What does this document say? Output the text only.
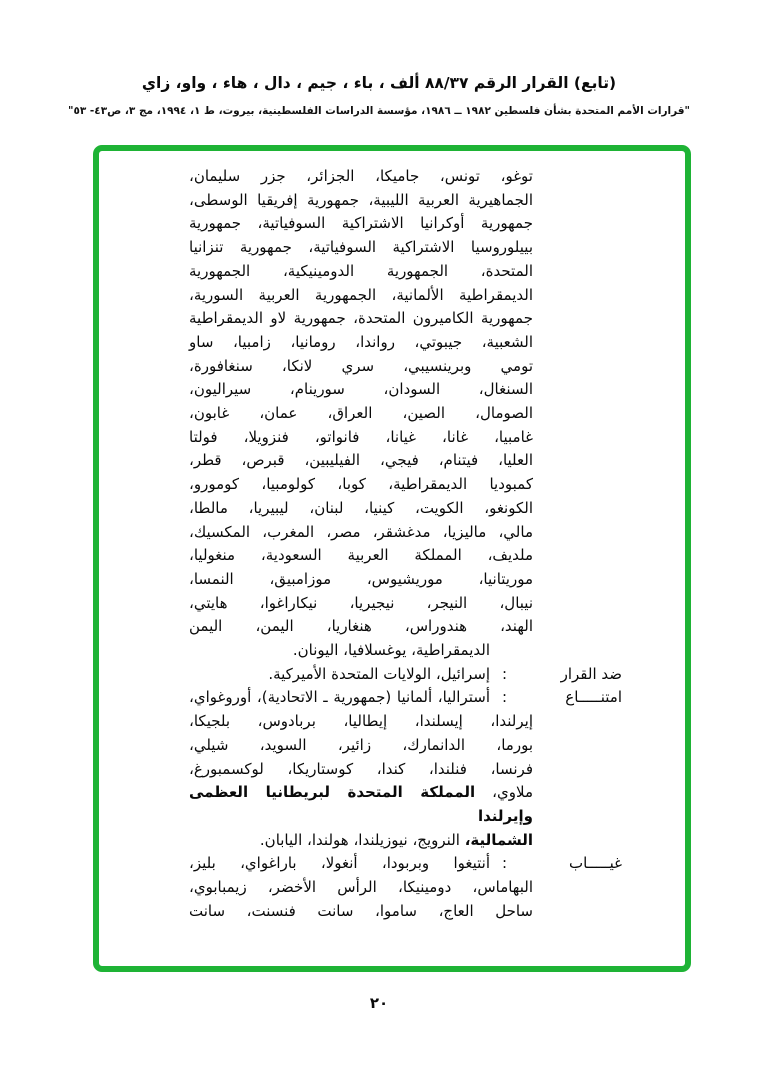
(تابع) القرار الرقم ٨٨/٣٧ ألف ، باء ، جيم ، دال ، هاء ، واو، زاي
"قرارات الأمم المتحدة بشأن فلسطين ١٩٨٢ ــ ١٩٨٦، مؤسسة الدراسات الفلسطينية، بيروت، ط ١، ١٩٩٤، مج ٣، ص٤٣- ٥٣"
توغو، تونس، جاميكا، الجزائر، جزر سليمان،
الجماهيرية العربية الليبية، جمهورية إفريقيا الوسطى،
جمهورية أوكرانيا الاشتراكية السوفياتية، جمهورية
بييلوروسيا الاشتراكية السوفياتية، جمهورية تنزانيا
المتحدة، الجمهورية الدومينيكية، الجمهورية
الديمقراطية الألمانية، الجمهورية العربية السورية،
جمهورية الكاميرون المتحدة، جمهورية لاو الديمقراطية
الشعبية، جيبوتي، رواندا، رومانيا، زامبيا، ساو
تومي وبرينسيبي، سري لانكا، سنغافورة،
السنغال، السودان، سورينام، سيراليون،
الصومال، الصين، العراق، عمان، غابون،
غامبيا، غانا، غيانا، فانواتو، فنزويلا، فولتا
العليا، فيتنام، فيجي، الفيليبين، قبرص، قطر،
كمبوديا الديمقراطية، كوبا، كولومبيا، كومورو،
الكونغو، الكويت، كينيا، لبنان، ليبيريا، مالطا،
مالي، ماليزيا، مدغشقر، مصر، المغرب، المكسيك،
ملديف، المملكة العربية السعودية، منغوليا،
موريتانيا، موريشيوس، موزامبيق، النمسا،
نيبال، النيجر، نيجيريا، نيكاراغوا، هايتي،
الهند، هندوراس، هنغاريا، اليمن، اليمن
الديمقراطية، يوغسلافيا، اليونان.
ضد القرار
:
إسرائيل، الولايات المتحدة الأميركية.
امتنـــــاع
:
أستراليا، ألمانيا (جمهورية ـ الاتحادية)، أوروغواي،
إيرلندا، إيسلندا، إيطاليا، بربادوس، بلجيكا،
بورما، الدانمارك، زائير، السويد، شيلي،
فرنسا، فنلندا، كندا، كوستاريكا، لوكسمبورغ،
ملاوي، المملكة المتحدة لبريطانيا العظمى وإيرلندا
الشمالية، النرويج، نيوزيلندا، هولندا، اليابان.
غيـــــاب
:
أنتيغوا وبربودا، أنغولا، باراغواي، بليز،
البهاماس، دومينيكا، الرأس الأخضر، زيمبابوي،
ساحل العاج، ساموا، سانت فنسنت، سانت
٢٠
